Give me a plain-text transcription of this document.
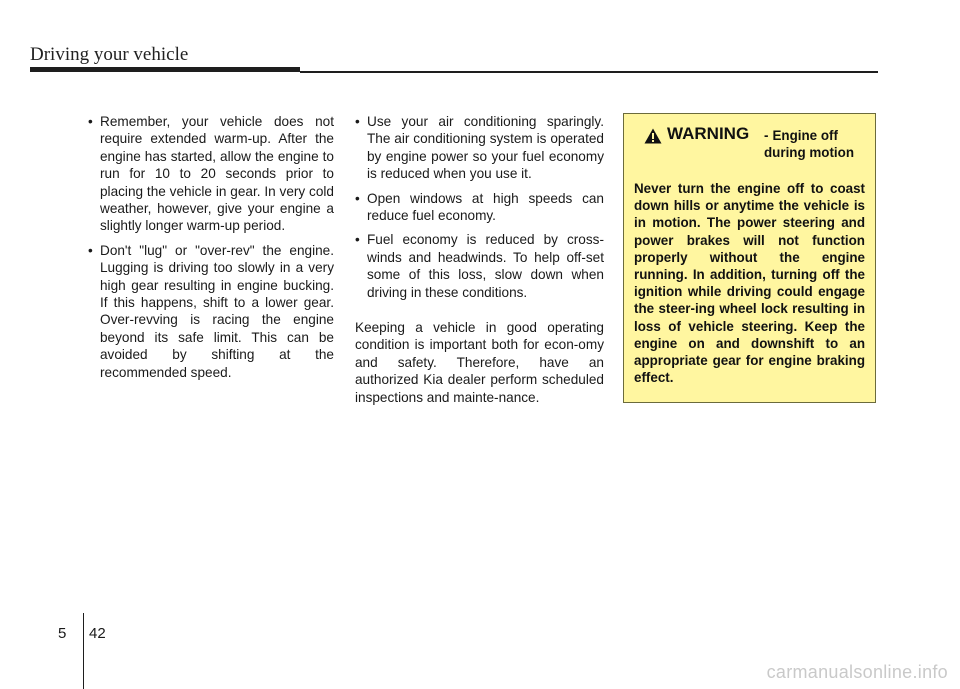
Driving your vehicle
• Remember, your vehicle does not require extended warm-up. After the engine has started, allow the engine to run for 10 to 20 seconds prior to placing the vehicle in gear. In very cold weather, however, give your engine a slightly longer warm-up period.
• Don't "lug" or "over-rev" the engine. Lugging is driving too slowly in a very high gear resulting in engine bucking. If this happens, shift to a lower gear. Over-revving is racing the engine beyond its safe limit. This can be avoided by shifting at the recommended speed.
• Use your air conditioning sparingly. The air conditioning system is operated by engine power so your fuel economy is reduced when you use it.
• Open windows at high speeds can reduce fuel economy.
• Fuel economy is reduced by cross-winds and headwinds. To help off-set some of this loss, slow down when driving in these conditions.
Keeping a vehicle in good operating condition is important both for econ-omy and safety. Therefore, have an authorized Kia dealer perform scheduled inspections and mainte-nance.
WARNING - Engine off during motion
Never turn the engine off to coast down hills or anytime the vehicle is in motion. The power steering and power brakes will not function properly without the engine running. In addition, turning off the ignition while driving could engage the steer-ing wheel lock resulting in loss of vehicle steering. Keep the engine on and downshift to an appropriate gear for engine braking effect.
5 42
carmanualsonline.info
